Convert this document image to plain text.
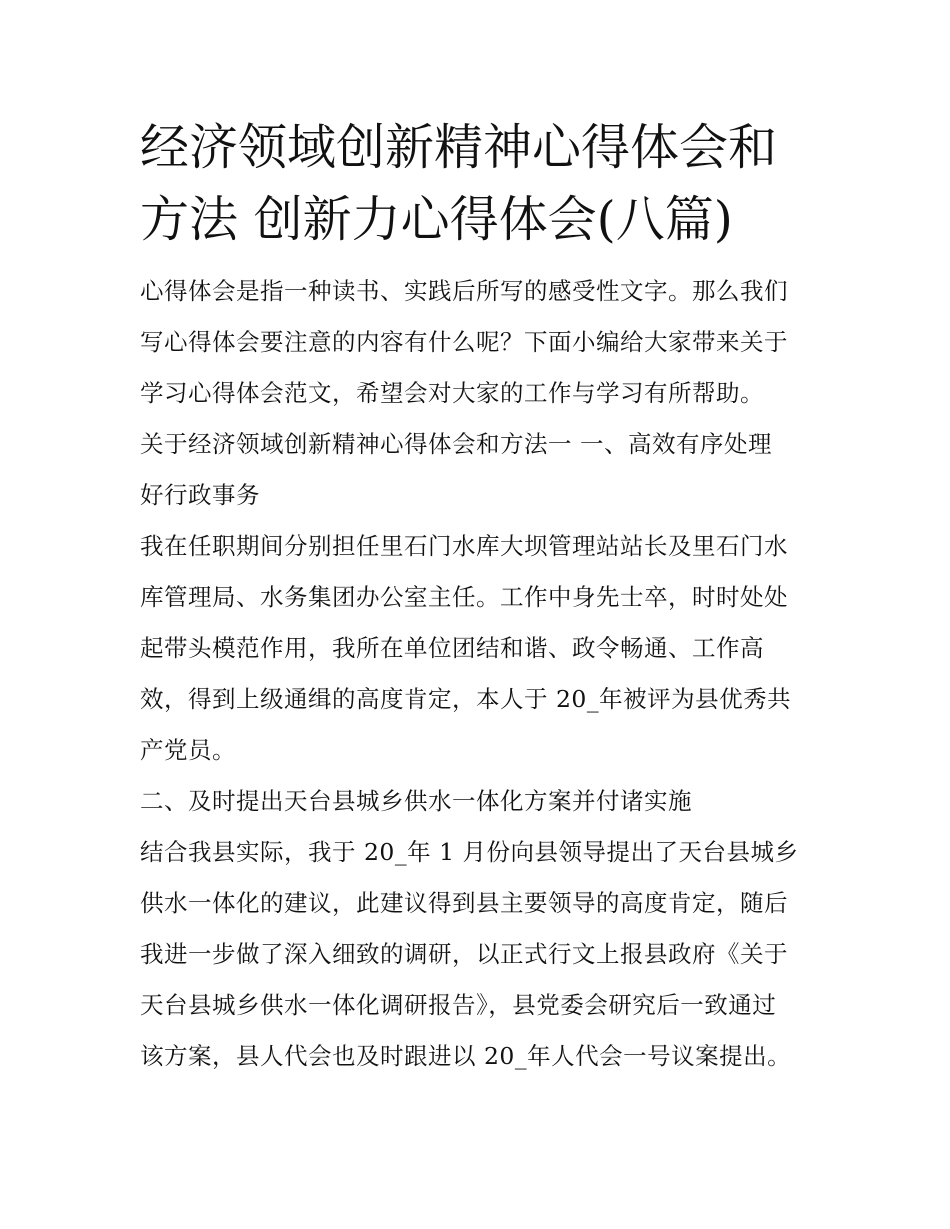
经济领域创新精神心得体会和
方法 创新力心得体会(八篇)

心得体会是指一种读书、实践后所写的感受性文字。那么我们
写心得体会要注意的内容有什么呢？下面小编给大家带来关于
学习心得体会范文，希望会对大家的工作与学习有所帮助。

关于经济领域创新精神心得体会和方法一 一、高效有序处理
好行政事务

我在任职期间分别担任里石门水库大坝管理站站长及里石门水
库管理局、水务集团办公室主任。工作中身先士卒，时时处处
起带头模范作用，我所在单位团结和谐、政令畅通、工作高
效，得到上级通缉的高度肯定，本人于 20_年被评为县优秀共
产党员。

二、及时提出天台县城乡供水一体化方案并付诸实施

结合我县实际，我于 20_年 1 月份向县领导提出了天台县城乡
供水一体化的建议，此建议得到县主要领导的高度肯定，随后
我进一步做了深入细致的调研，以正式行文上报县政府《关于
天台县城乡供水一体化调研报告》，县党委会研究后一致通过
该方案，县人代会也及时跟进以 20_年人代会一号议案提出。
